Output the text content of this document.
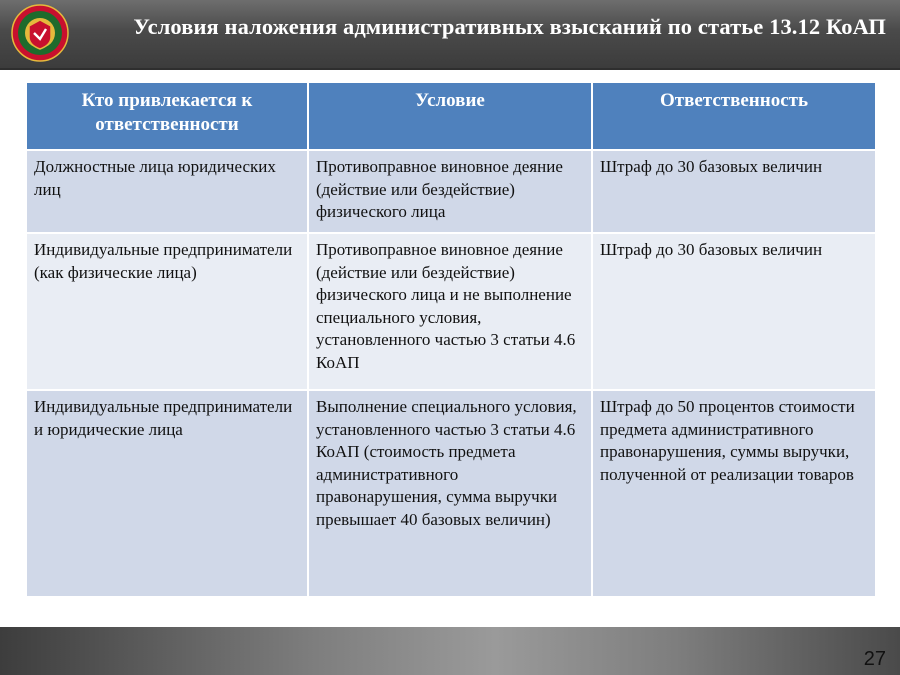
Условия наложения административных взысканий по статье 13.12 КоАП
Кто привлекается к ответственности	Условие	Ответственность
Должностные лица юридических лиц	Противоправное виновное деяние (действие или бездействие) физического лица	Штраф до 30 базовых величин
Индивидуальные предприниматели (как физические лица)	Противоправное виновное деяние (действие или бездействие) физического лица и не выполнение специального условия, установленного частью 3 статьи 4.6 КоАП	Штраф до 30 базовых величин
Индивидуальные предприниматели и юридические лица	Выполнение специального условия, установленного частью 3 статьи 4.6 КоАП (стоимость предмета административного правонарушения, сумма выручки превышает 40 базовых величин)	Штраф до 50 процентов стоимости предмета административного правонарушения, суммы выручки, полученной от реализации товаров
27
